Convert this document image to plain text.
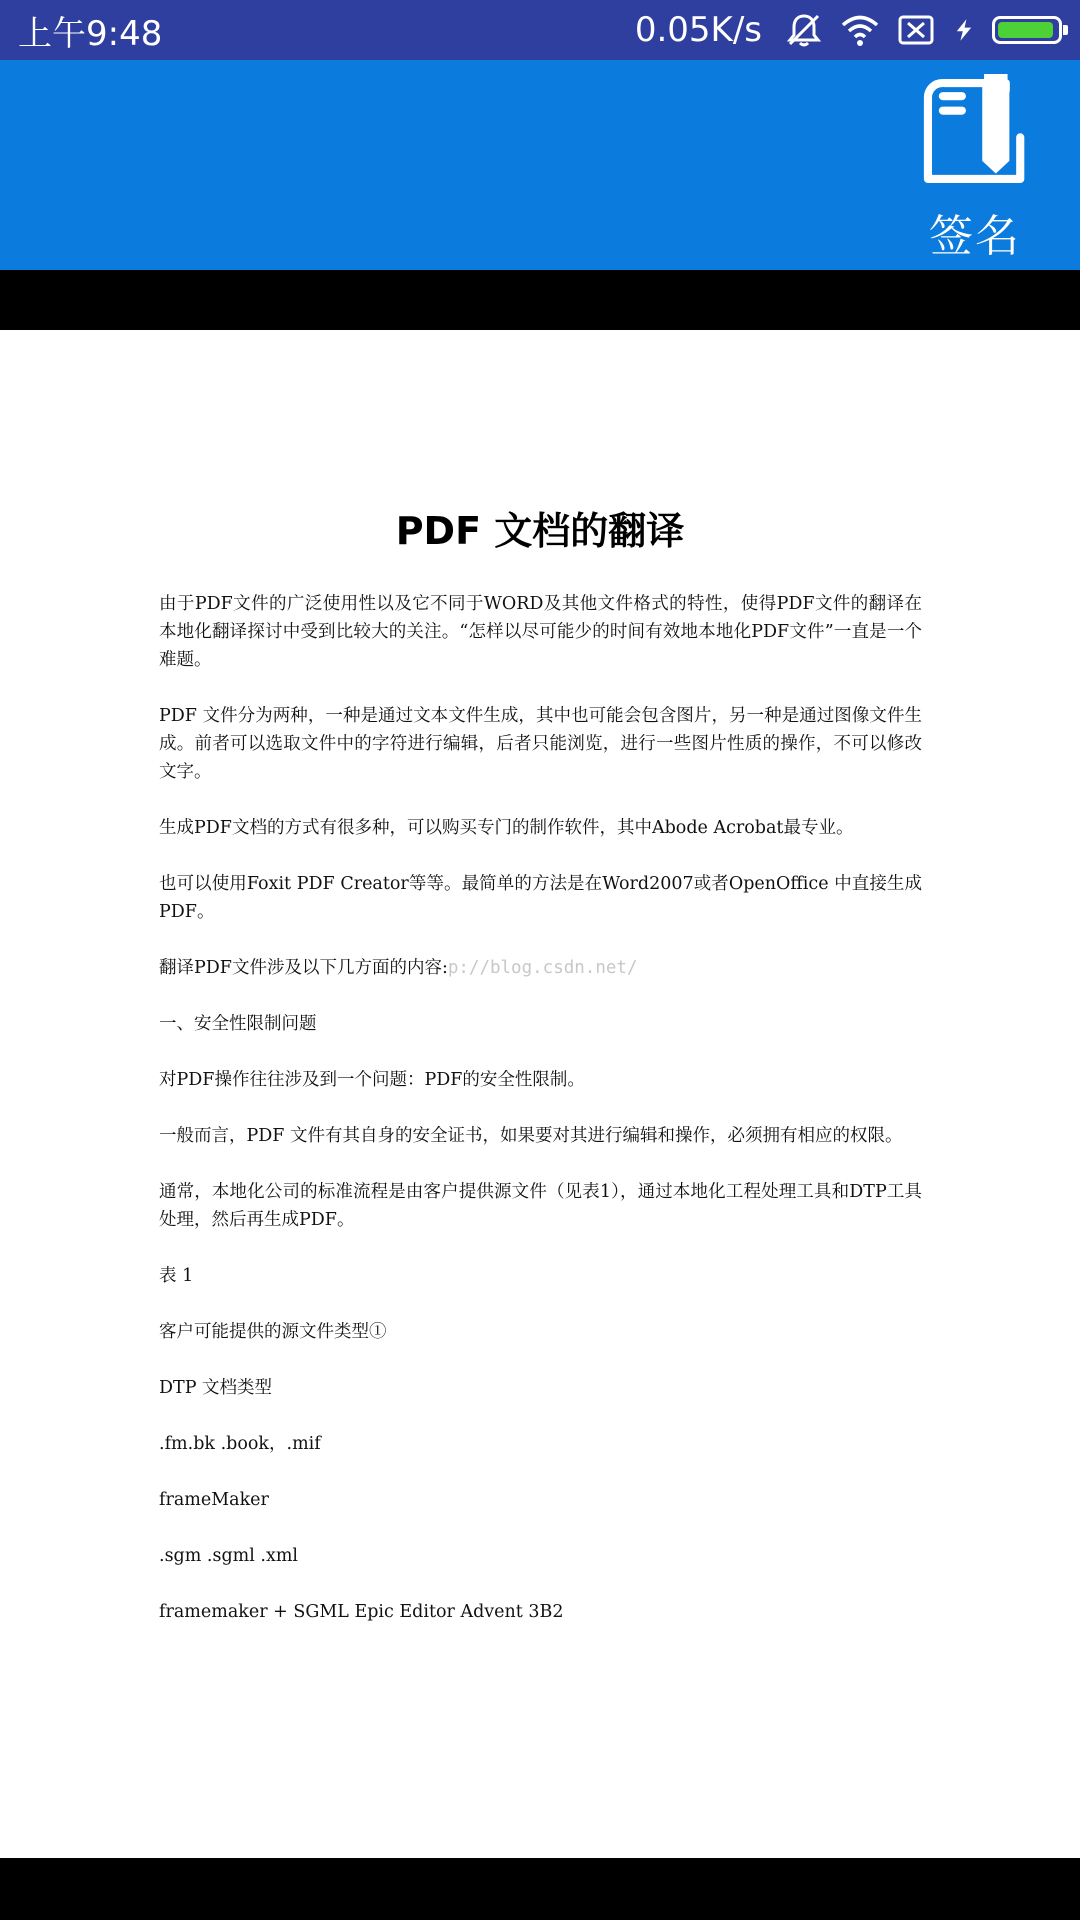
上午9:48	0.05K/s
签名
PDF 文档的翻译

由于PDF文件的广泛使用性以及它不同于WORD及其他文件格式的特性，使得PDF文件的翻译在本地化翻译探讨中受到比较大的关注。“怎样以尽可能少的时间有效地本地化PDF文件”一直是一个难题。

PDF 文件分为两种，一种是通过文本文件生成，其中也可能会包含图片，另一种是通过图像文件生成。前者可以选取文件中的字符进行编辑，后者只能浏览，进行一些图片性质的操作，不可以修改文字。

生成PDF文档的方式有很多种，可以购买专门的制作软件，其中Abode Acrobat最专业。

也可以使用Foxit PDF Creator等等。最简单的方法是在Word2007或者OpenOffice 中直接生成PDF。

翻译PDF文件涉及以下几方面的内容:p://blog.csdn.net/

一、安全性限制问题

对PDF操作往往涉及到一个问题：PDF的安全性限制。

一般而言，PDF 文件有其自身的安全证书，如果要对其进行编辑和操作，必须拥有相应的权限。

通常，本地化公司的标准流程是由客户提供源文件（见表1），通过本地化工程处理工具和DTP工具处理，然后再生成PDF。

表 1

客户可能提供的源文件类型①

DTP 文档类型

.fm.bk .book，.mif

frameMaker

.sgm .sgml .xml

framemaker + SGML Epic Editor Advent 3B2
